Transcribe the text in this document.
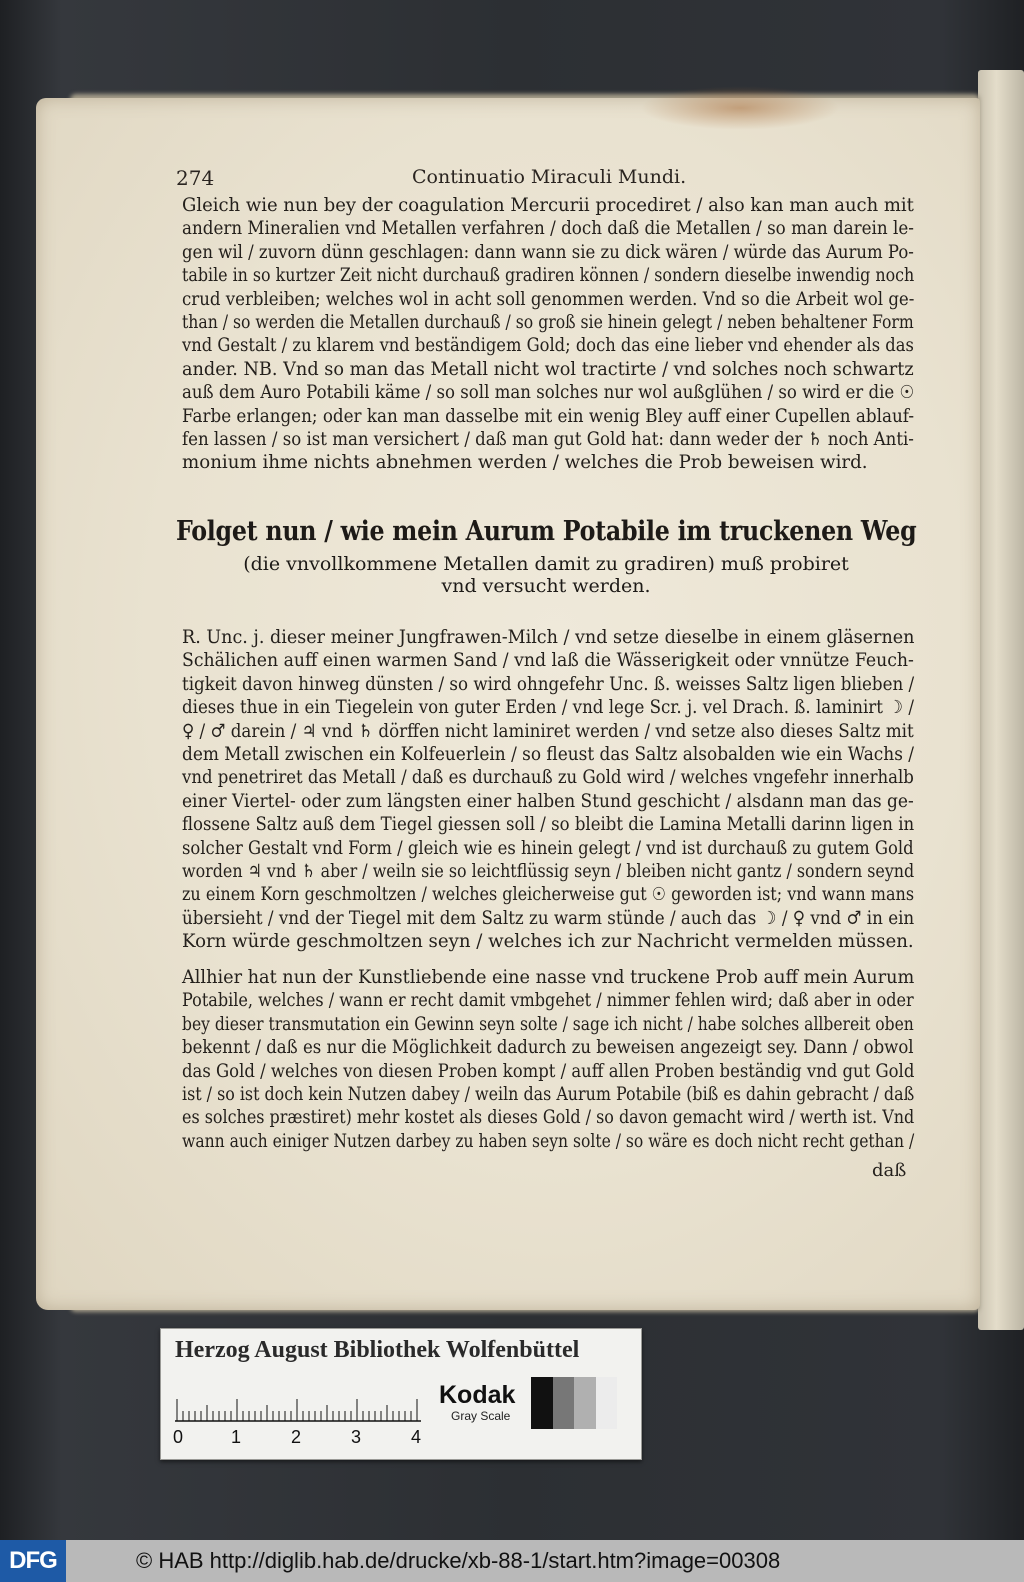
274	Continuatio Miraculi Mundi.
Gleich wie nun bey der coagulation Mercurii procediret / also kan man auch mit
andern Mineralien vnd Metallen verfahren / doch daß die Metallen / so man darein le-
gen wil / zuvorn dünn geschlagen: dann wann sie zu dick wären / würde das Aurum Po-
tabile in so kurtzer Zeit nicht durchauß gradiren können / sondern dieselbe inwendig noch
crud verbleiben; welches wol in acht soll genommen werden. Vnd so die Arbeit wol ge-
than / so werden die Metallen durchauß / so groß sie hinein gelegt / neben behaltener Form
vnd Gestalt / zu klarem vnd beständigem Gold; doch das eine lieber vnd ehender als das
ander. NB. Vnd so man das Metall nicht wol tractirte / vnd solches noch schwartz
auß dem Auro Potabili käme / so soll man solches nur wol außglühen / so wird er die ☉
Farbe erlangen; oder kan man dasselbe mit ein wenig Bley auff einer Cupellen ablauf-
fen lassen / so ist man versichert / daß man gut Gold hat: dann weder der ♄ noch Anti-
monium ihme nichts abnehmen werden / welches die Prob beweisen wird.
Folget nun / wie mein Aurum Potabile im truckenen Weg
(die vnvollkommene Metallen damit zu gradiren) muß probiret
vnd versucht werden.
R. Unc. j. dieser meiner Jungfrawen-Milch / vnd setze dieselbe in einem gläsernen
Schälichen auff einen warmen Sand / vnd laß die Wässerigkeit oder vnnütze Feuch-
tigkeit davon hinweg dünsten / so wird ohngefehr Unc. ß. weisses Saltz ligen blieben /
dieses thue in ein Tiegelein von guter Erden / vnd lege Scr. j. vel Drach. ß. laminirt ☽ /
♀ / ♂ darein / ♃ vnd ♄ dörffen nicht laminiret werden / vnd setze also dieses Saltz mit
dem Metall zwischen ein Kolfeuerlein / so fleust das Saltz alsobalden wie ein Wachs /
vnd penetriret das Metall / daß es durchauß zu Gold wird / welches vngefehr innerhalb
einer Viertel- oder zum längsten einer halben Stund geschicht / alsdann man das ge-
flossene Saltz auß dem Tiegel giessen soll / so bleibt die Lamina Metalli darinn ligen in
solcher Gestalt vnd Form / gleich wie es hinein gelegt / vnd ist durchauß zu gutem Gold
worden ♃ vnd ♄ aber / weiln sie so leichtflüssig seyn / bleiben nicht gantz / sondern seynd
zu einem Korn geschmoltzen / welches gleicherweise gut ☉ geworden ist; vnd wann mans
übersieht / vnd der Tiegel mit dem Saltz zu warm stünde / auch das ☽ / ♀ vnd ♂ in ein
Korn würde geschmoltzen seyn / welches ich zur Nachricht vermelden müssen.
Allhier hat nun der Kunstliebende eine nasse vnd truckene Prob auff mein Aurum
Potabile, welches / wann er recht damit vmbgehet / nimmer fehlen wird; daß aber in oder
bey dieser transmutation ein Gewinn seyn solte / sage ich nicht / habe solches allbereit oben
bekennt / daß es nur die Möglichkeit dadurch zu beweisen angezeigt sey. Dann / obwol
das Gold / welches von diesen Proben kompt / auff allen Proben beständig vnd gut Gold
ist / so ist doch kein Nutzen dabey / weiln das Aurum Potabile (biß es dahin gebracht / daß
es solches præstiret) mehr kostet als dieses Gold / so davon gemacht wird / werth ist. Vnd
wann auch einiger Nutzen darbey zu haben seyn solte / so wäre es doch nicht recht gethan /
daß
Herzog August Bibliothek Wolfenbüttel
0	1	2	3	4
Kodak
Gray Scale
DFG	© HAB http://diglib.hab.de/drucke/xb-88-1/start.htm?image=00308
